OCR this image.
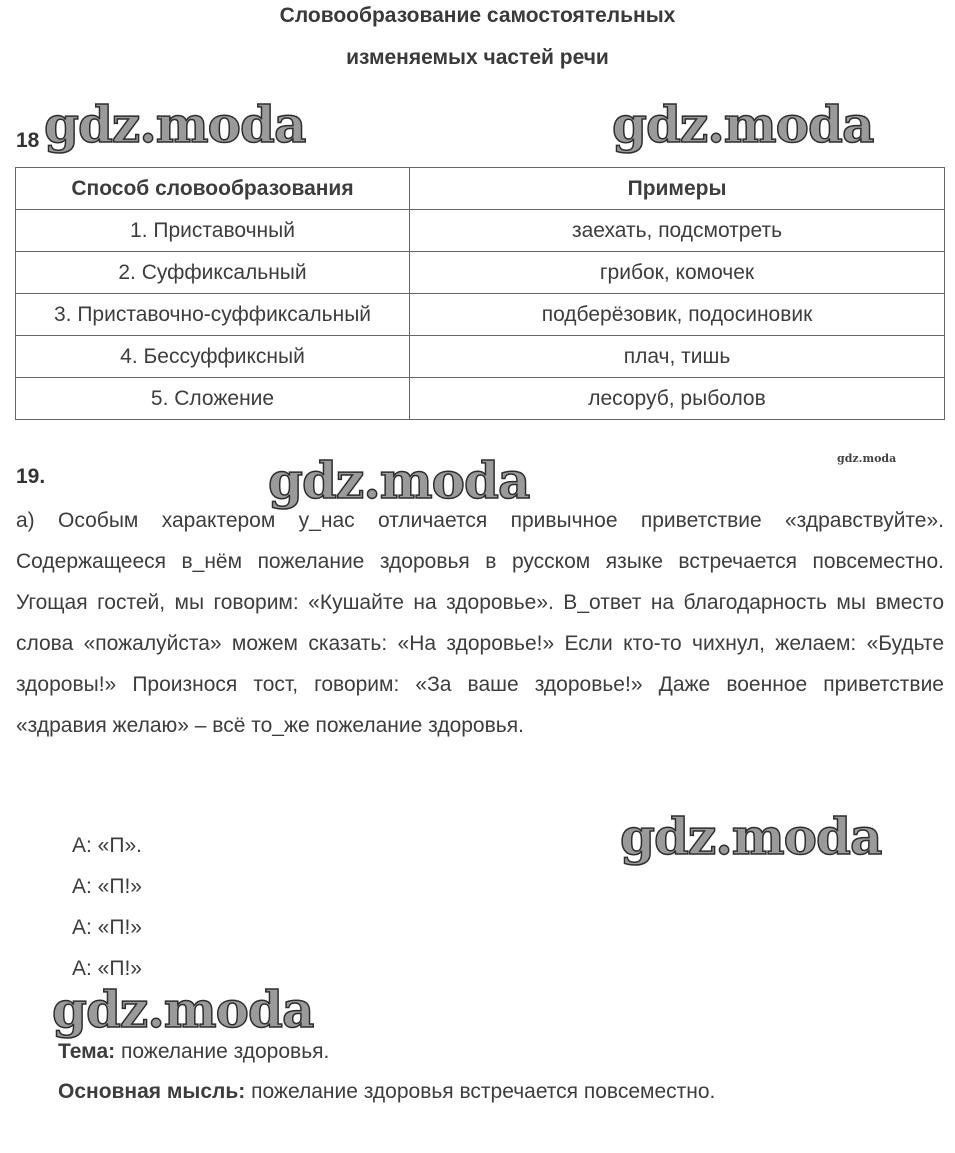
Словообразование самостоятельных
изменяемых частей речи
18 gdz.moda	gdz.moda
Способ словообразования	Примеры
1. Приставочный	заехать, подсмотреть
2. Суффиксальный	грибок, комочек
3. Приставочно-суффиксальный	подберёзовик, подосиновик
4. Бессуффиксный	плач, тишь
5. Сложение	лесоруб, рыболов
19.	gdz.moda	gdz.moda
а) Особым характером у_нас отличается привычное приветствие «здравствуйте». Содержащееся в_нём пожелание здоровья в русском языке встречается повсеместно. Угощая гостей, мы говорим: «Кушайте на здоровье». В_ответ на благодарность мы вместо слова «пожалуйста» можем сказать: «На здоровье!» Если кто-то чихнул, желаем: «Будьте здоровы!» Произнося тост, говорим: «За ваше здоровье!» Даже военное приветствие «здравия желаю» – всё то_же пожелание здоровья.
gdz.moda
А: «П».
А: «П!»
А: «П!»
А: «П!»
gdz.moda
Тема: пожелание здоровья.
Основная мысль: пожелание здоровья встречается повсеместно.
